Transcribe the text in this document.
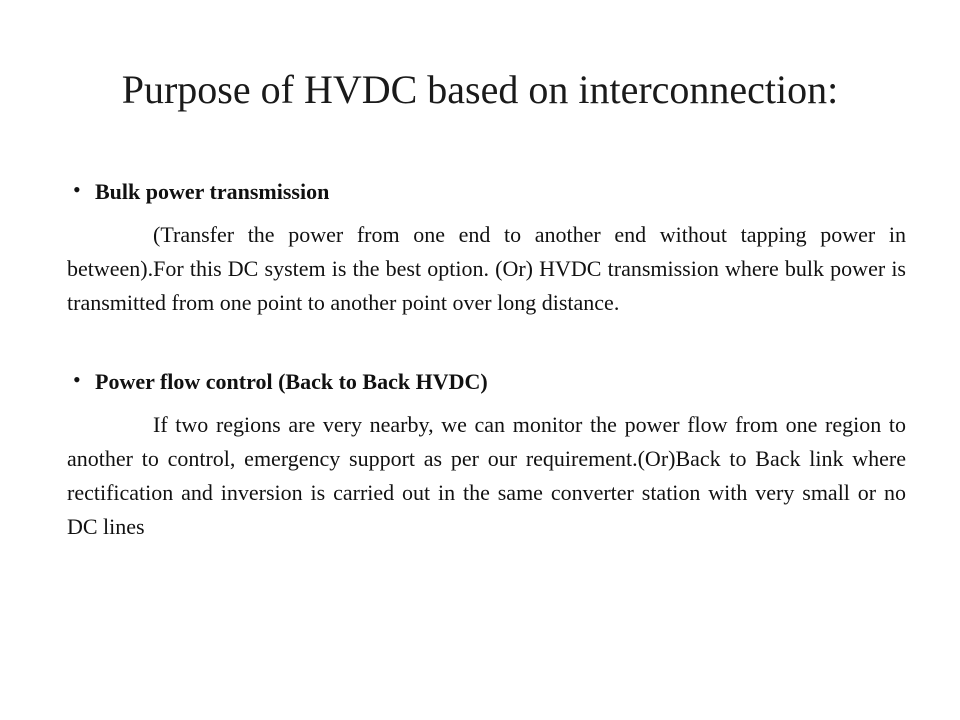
Purpose of HVDC based on interconnection:
• Bulk power transmission

(Transfer the power from one end to another end without tapping power in between).For this DC system is the best option. (Or) HVDC transmission where bulk power is transmitted from one point to another point over long distance.

• Power flow control (Back to Back HVDC)

If two regions are very nearby, we can monitor the power flow from one region to another to control, emergency support as per our requirement.(Or)Back to Back link where rectification and inversion is carried out in the same converter station with very small or no DC lines
